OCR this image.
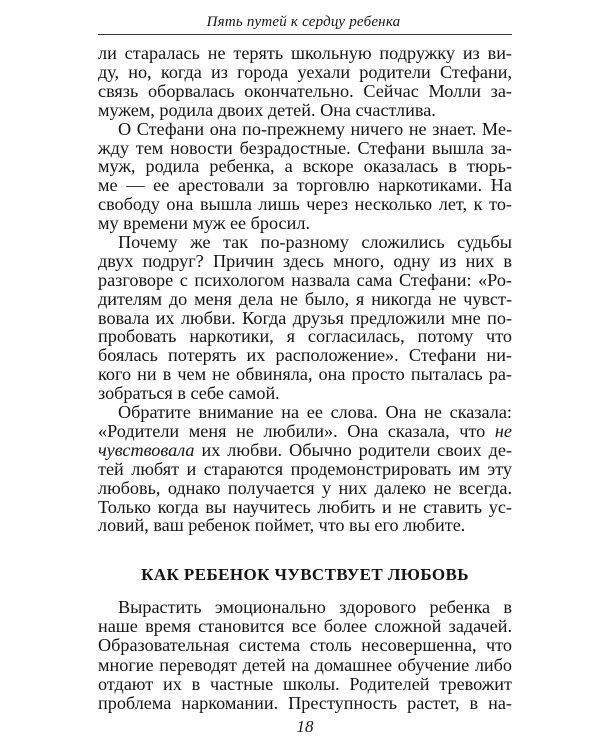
Пять путей к сердцу ребенка
ли старалась не терять школьную подружку из ви-
ду, но, когда из города уехали родители Стефани,
связь оборвалась окончательно. Сейчас Молли за-
мужем, родила двоих детей. Она счастлива.
О Стефани она по-прежнему ничего не знает. Ме-
жду тем новости безрадостные. Стефани вышла за-
муж, родила ребенка, а вскоре оказалась в тюрь-
ме — ее арестовали за торговлю наркотиками. На
свободу она вышла лишь через несколько лет, к то-
му времени муж ее бросил.
Почему же так по-разному сложились судьбы
двух подруг? Причин здесь много, одну из них в
разговоре с психологом назвала сама Стефани: «Ро-
дителям до меня дела не было, я никогда не чувст-
вовала их любви. Когда друзья предложили мне по-
пробовать наркотики, я согласилась, потому что
боялась потерять их расположение». Стефани ни-
кого ни в чем не обвиняла, она просто пыталась ра-
зобраться в себе самой.
Обратите внимание на ее слова. Она не сказала:
«Родители меня не любили». Она сказала, что не
чувствовала их любви. Обычно родители своих де-
тей любят и стараются продемонстрировать им эту
любовь, однако получается у них далеко не всегда.
Только когда вы научитесь любить и не ставить ус-
ловий, ваш ребенок поймет, что вы его любите.
КАК РЕБЕНОК ЧУВСТВУЕТ ЛЮБОВЬ
Вырастить эмоционально здорового ребенка в
наше время становится все более сложной задачей.
Образовательная система столь несовершенна, что
многие переводят детей на домашнее обучение либо
отдают их в частные школы. Родителей тревожит
проблема наркомании. Преступность растет, в на-
18
